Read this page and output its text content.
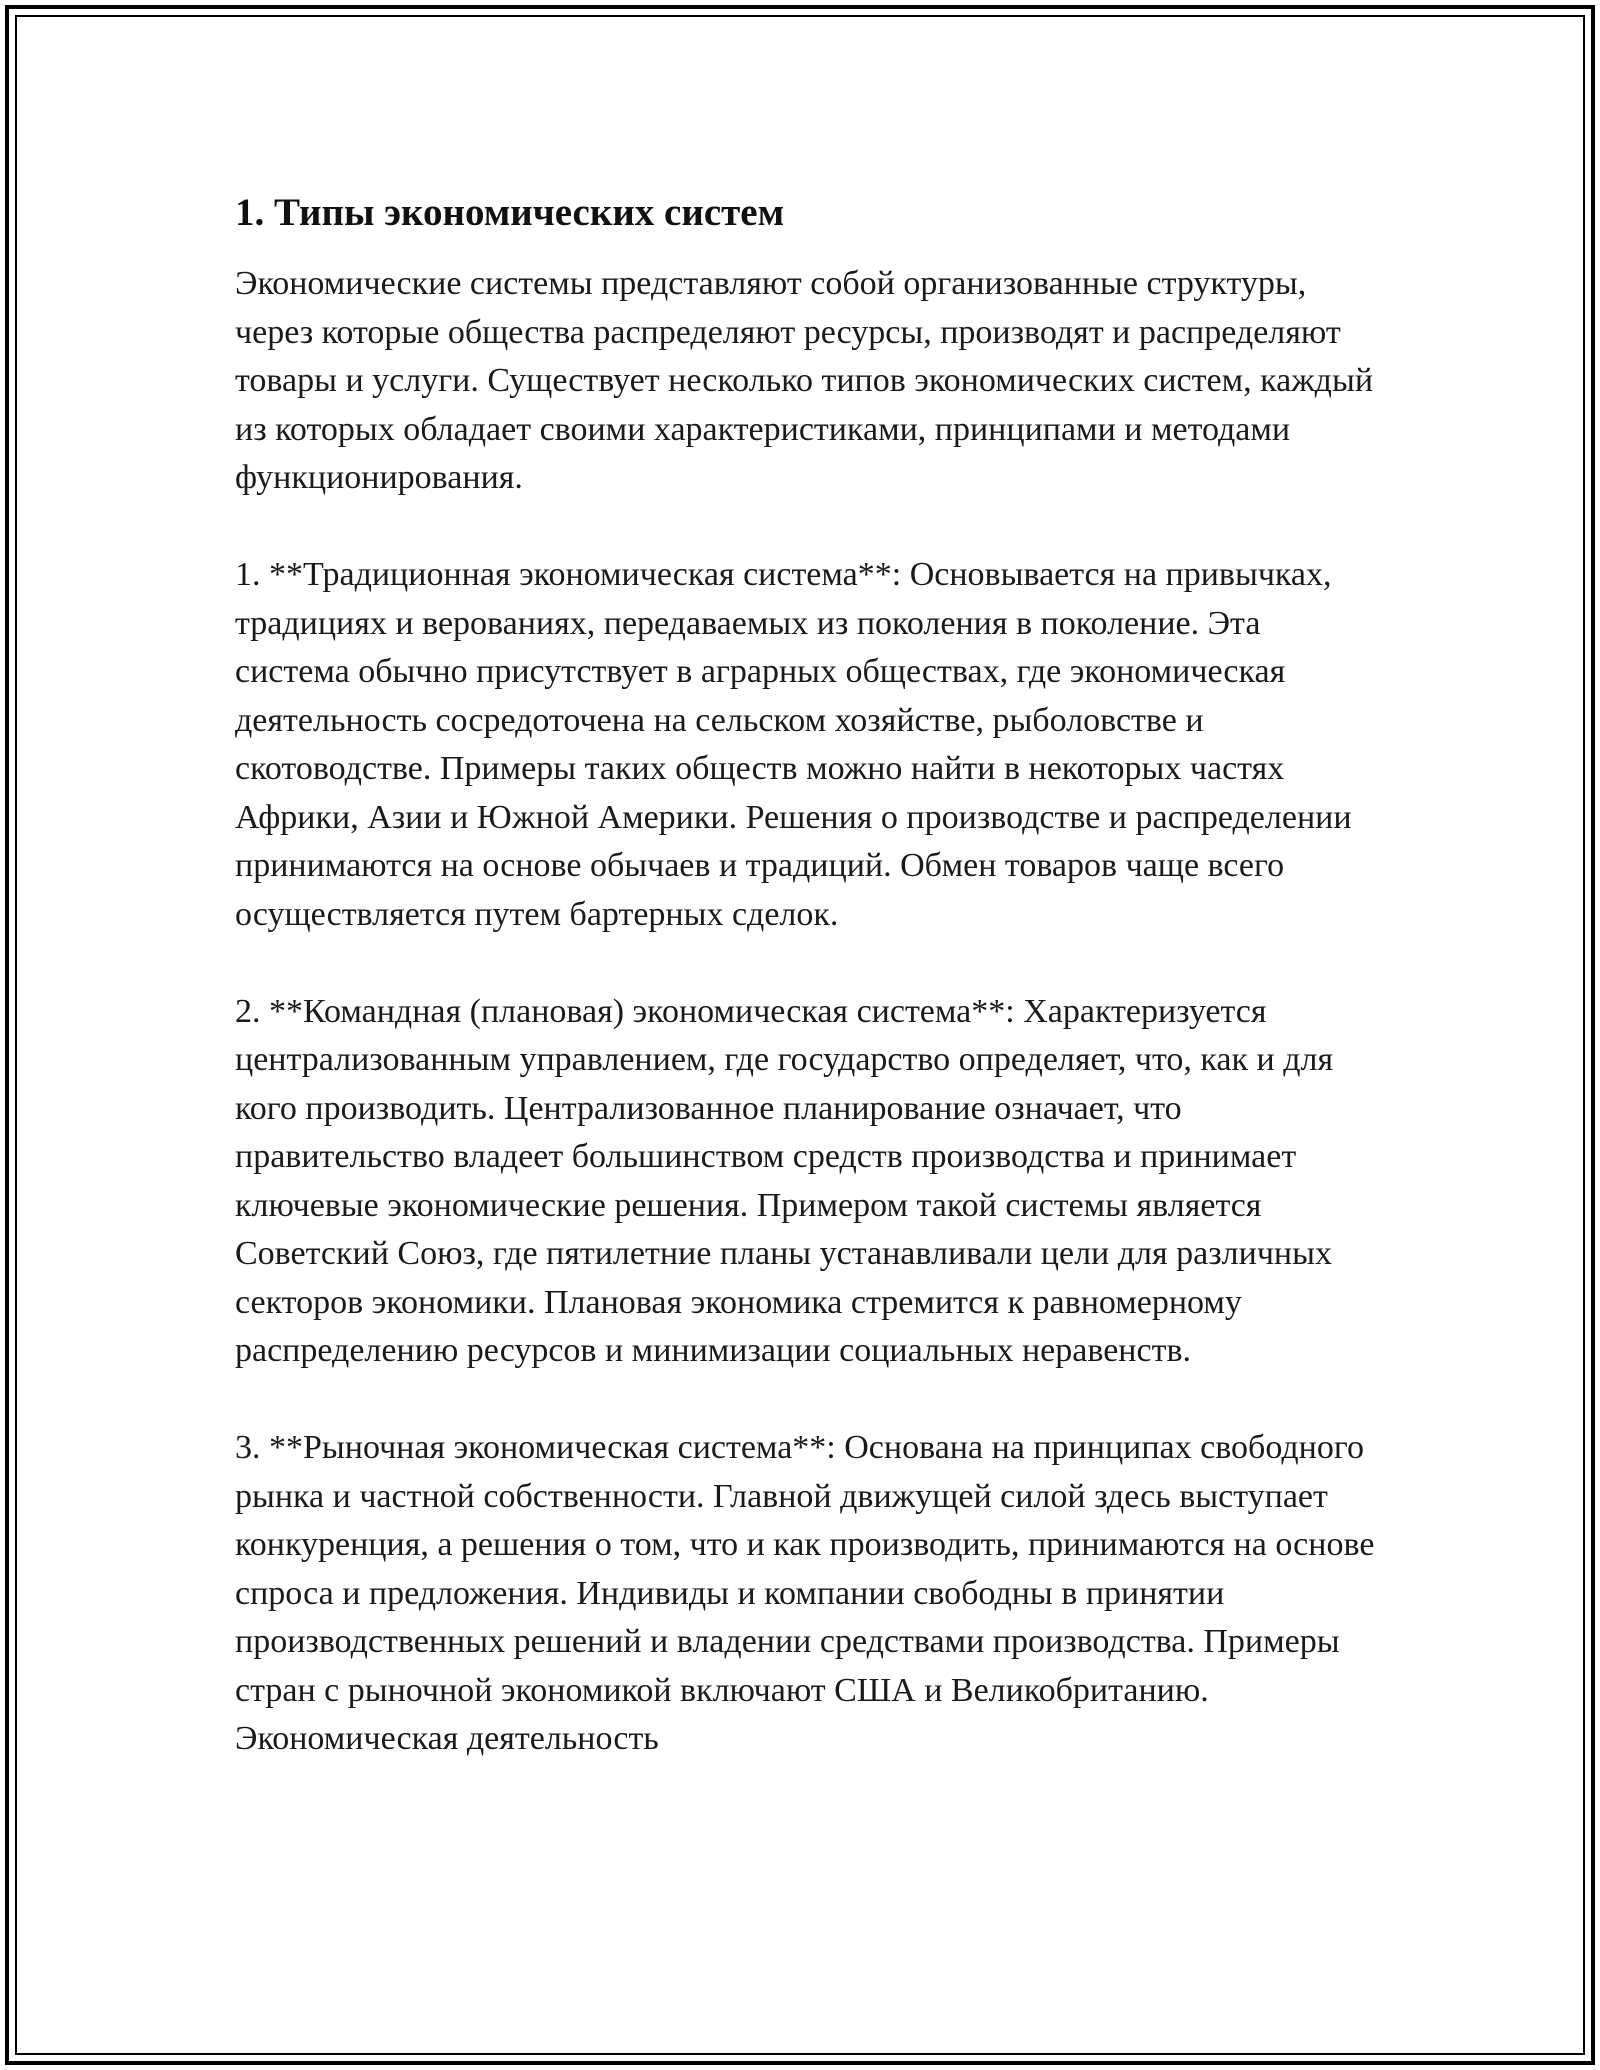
1. Типы экономических систем

Экономические системы представляют собой организованные структуры, через которые общества распределяют ресурсы, производят и распределяют товары и услуги. Существует несколько типов экономических систем, каждый из которых обладает своими характеристиками, принципами и методами функционирования.

1. **Традиционная экономическая система**: Основывается на привычках, традициях и верованиях, передаваемых из поколения в поколение. Эта система обычно присутствует в аграрных обществах, где экономическая деятельность сосредоточена на сельском хозяйстве, рыболовстве и скотоводстве. Примеры таких обществ можно найти в некоторых частях Африки, Азии и Южной Америки. Решения о производстве и распределении принимаются на основе обычаев и традиций. Обмен товаров чаще всего осуществляется путем бартерных сделок.

2. **Командная (плановая) экономическая система**: Характеризуется централизованным управлением, где государство определяет, что, как и для кого производить. Централизованное планирование означает, что правительство владеет большинством средств производства и принимает ключевые экономические решения. Примером такой системы является Советский Союз, где пятилетние планы устанавливали цели для различных секторов экономики. Плановая экономика стремится к равномерному распределению ресурсов и минимизации социальных неравенств.

3. **Рыночная экономическая система**: Основана на принципах свободного рынка и частной собственности. Главной движущей силой здесь выступает конкуренция, а решения о том, что и как производить, принимаются на основе спроса и предложения. Индивиды и компании свободны в принятии производственных решений и владении средствами производства. Примеры стран с рыночной экономикой включают США и Великобританию. Экономическая деятельность
